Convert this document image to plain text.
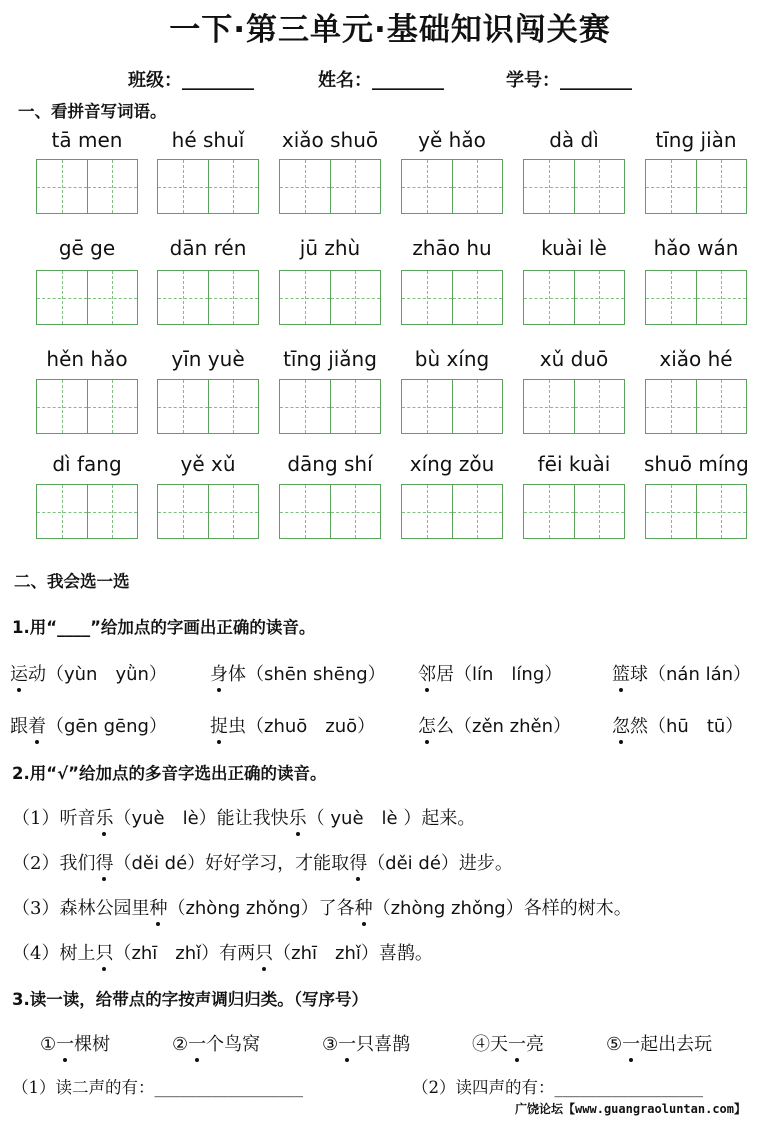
一下·第三单元·基础知识闯关赛
班级：________	姓名：________	学号：________
一、看拼音写词语。
tā men	hé shuǐ	xiǎo shuō	yě hǎo	dà dì	tīng jiàn
gē ge	dān rén	jū zhù	zhāo hu	kuài lè	hǎo wán
hěn hǎo	yīn yuè	tīng jiǎng	bù xíng	xǔ duō	xiǎo hé
dì fang	yě xǔ	dāng shí	xíng zǒu	fēi kuài	shuō míng
二、我会选一选
1.用“____”给加点的字画出正确的读音。
运动（yùn　yǜn） 身体（shēn shēng） 邻居（lín　líng）	篮球（nán lán）
跟着（gēn gēng） 捉虫（zhuō　zuō） 怎么（zěn zhěn） 忽然（hū　tū）
2.用“√”给加点的多音字选出正确的读音。
（1）听音乐（yuè　lè）能让我快乐（ yuè　lè ）起来。
（2）我们得（děi dé）好好学习，才能取得（děi dé）进步。
（3）森林公园里种（zhòng zhǒng）了各种（zhòng zhǒng）各样的树木。
（4）树上只（zhī　zhǐ）有两只（zhī　zhǐ）喜鹊。
3.读一读，给带点的字按声调归归类。（写序号）
①一棵树	②一个鸟窝	③一只喜鹊	④天一亮	⑤一起出去玩
（1）读二声的有：__________________	（2）读四声的有：__________________
广饶论坛【www.guangraoluntan.com】
